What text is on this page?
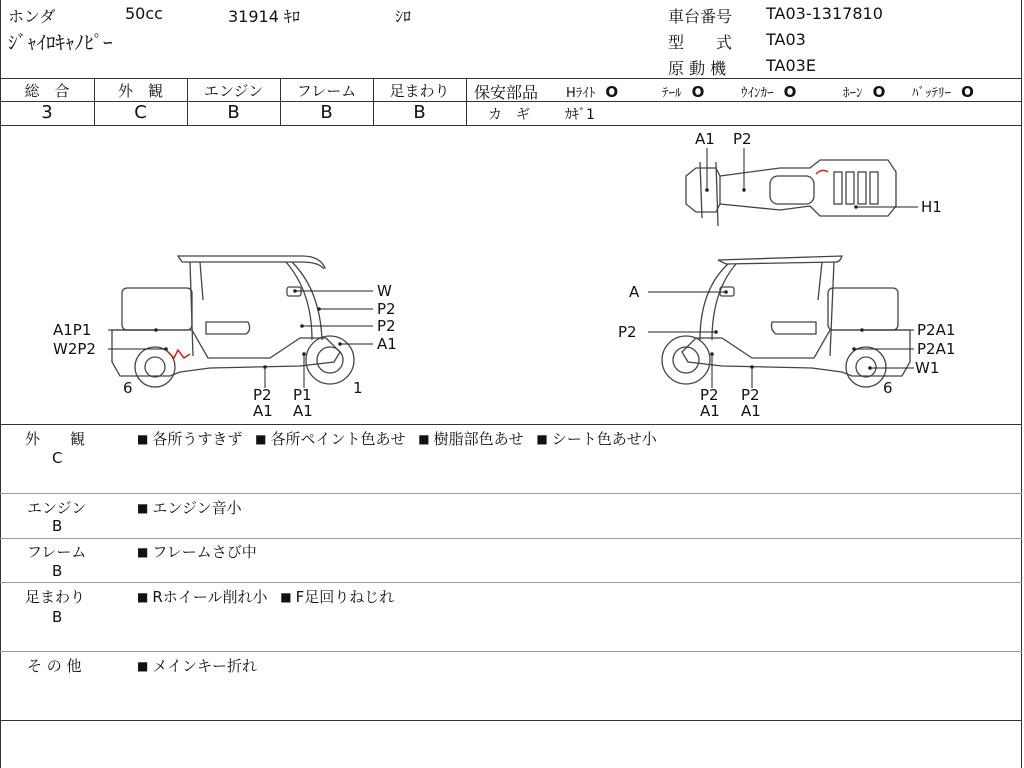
ホンダ	50cc	31914 ｷﾛ	ｼﾛ
ｼﾞｬｲﾛｷｬﾉﾋﾟｰ
車台番号 TA03-1317810
型　　式 TA03
原 動 機 TA03E
総　合	外　観	エンジン	フレーム	足まわり
3	C	B	B	B
保安部品 Hﾗｲﾄ O	ﾃｰﾙ O	ｳｲﾝｶｰ O	ﾎｰﾝ O ﾊﾞｯﾃﾘｰ O
カ　ギ	ｶｷﾞ1
A1 P2
H1
W
P2
P2
A1
A1P1
W2P2
6	P2
A1
P1
A1
1
A
P2	P2A1
P2A1
W1
6
P2
A1
P2
A1
外　　観
C
■ 各所うすきず ■ 各所ペイント色あせ ■ 樹脂部色あせ ■ シート色あせ小
エンジン
B
■ エンジン音小
フレーム
B
■ フレームさび中
足まわり
B
■ Rホイール削れ小 ■ F足回りねじれ
そ の 他	■ メインキー折れ
